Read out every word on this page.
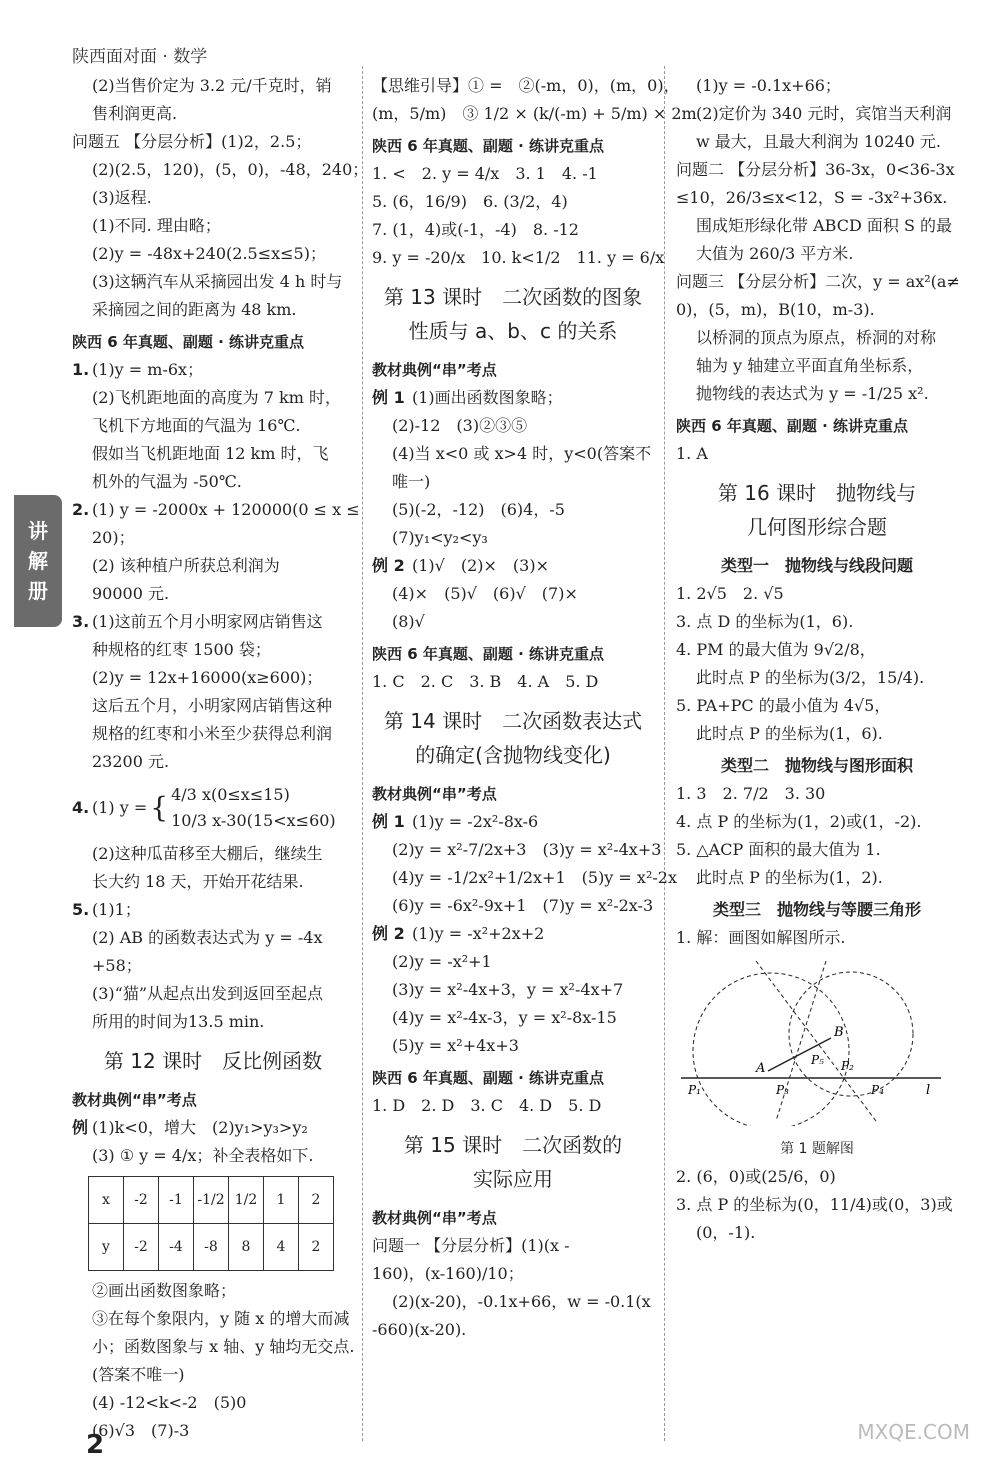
陕西面对面 · 数学
讲
解
册
(2)当售价定为 3.2 元/千克时，销
售利润更高.
问题五 【分层分析】(1)2，2.5；
(2)(2.5，120)，(5，0)，-48，240；
(3)返程.
(1)不同. 理由略；
(2)y = -48x+240(2.5≤x≤5)；
(3)这辆汽车从采摘园出发 4 h 时与
采摘园之间的距离为 48 km.
陕西 6 年真题、副题 · 练讲克重点
1. (1)y = m-6x；
(2)飞机距地面的高度为 7 km 时，
飞机下方地面的气温为 16℃.
假如当飞机距地面 12 km 时，飞
机外的气温为 -50℃.
2. (1) y = -2000x + 120000(0 ≤ x ≤
20)；
(2) 该种植户所获总利润为
90000 元.
3. (1)这前五个月小明家网店销售这
种规格的红枣 1500 袋；
(2)y = 12x+16000(x≥600)；
这后五个月，小明家网店销售这种
规格的红枣和小米至少获得总利润
23200 元.
4. (1) y = { 4/3 x(0≤x≤15)
10/3 x-30(15<x≤60)
(2)这种瓜苗移至大棚后，继续生
长大约 18 天，开始开花结果.
5. (1)1；
(2) AB 的函数表达式为 y = -4x
+58；
(3)“猫”从起点出发到返回至起点
所用的时间为13.5 min.
第 12 课时　反比例函数
教材典例“串”考点
例 (1)k<0，增大　(2)y₁>y₃>y₂
(3) ① y = 4/x；补全表格如下.
x	-2	-1	-1/2	1/2	1	2
y	-2	-4	-8	8	4	2
②画出函数图象略；
③在每个象限内，y 随 x 的增大而减
小；函数图象与 x 轴、y 轴均无交点.
(答案不唯一)
(4) -12<k<-2　(5)0
(6)√3　(7)-3
【思维引导】① =　②(-m，0)，(m，0)，
(m，5/m)　③ 1/2 × (k/(-m) + 5/m) × 2m
陕西 6 年真题、副题 · 练讲克重点
1. <　2. y = 4/x　3. 1　4. -1
5. (6，16/9)　6. (3/2，4)
7. (1，4)或(-1，-4)　8. -12
9. y = -20/x　10. k<1/2　11. y = 6/x
第 13 课时　二次函数的图象
性质与 a、b、c 的关系
教材典例“串”考点
例 1 (1)画出函数图象略；
(2)-12　(3)②③⑤
(4)当 x<0 或 x>4 时，y<0(答案不
唯一)
(5)(-2，-12)　(6)4，-5
(7)y₁<y₂<y₃
例 2 (1)√　(2)×　(3)×
(4)×　(5)√　(6)√　(7)×
(8)√
陕西 6 年真题、副题 · 练讲克重点
1. C　2. C　3. B　4. A　5. D
第 14 课时　二次函数表达式
的确定(含抛物线变化)
教材典例“串”考点
例 1 (1)y = -2x²-8x-6
(2)y = x²-7/2x+3　(3)y = x²-4x+3
(4)y = -1/2x²+1/2x+1　(5)y = x²-2x
(6)y = -6x²-9x+1　(7)y = x²-2x-3
例 2 (1)y = -x²+2x+2
(2)y = -x²+1
(3)y = x²-4x+3，y = x²-4x+7
(4)y = x²-4x-3，y = x²-8x-15
(5)y = x²+4x+3
陕西 6 年真题、副题 · 练讲克重点
1. D　2. D　3. C　4. D　5. D
第 15 课时　二次函数的
实际应用
教材典例“串”考点
问题一 【分层分析】(1)(x -
160)，(x-160)/10；
(2)(x-20)，-0.1x+66，w = -0.1(x
-660)(x-20).
(1)y = -0.1x+66；
(2)定价为 340 元时，宾馆当天利润
w 最大，且最大利润为 10240 元.
问题二 【分层分析】36-3x，0<36-3x
≤10，26/3≤x<12，S = -3x²+36x.
围成矩形绿化带 ABCD 面积 S 的最
大值为 260/3 平方米.
问题三 【分层分析】二次，y = ax²(a≠
0)，(5，m)，B(10，m-3).
以桥洞的顶点为原点，桥洞的对称
轴为 y 轴建立平面直角坐标系，
抛物线的表达式为 y = -1/25 x².
陕西 6 年真题、副题 · 练讲克重点
1. A
第 16 课时　抛物线与
几何图形综合题
类型一　抛物线与线段问题
1. 2√5　2. √5
3. 点 D 的坐标为(1，6).
4. PM 的最大值为 9√2/8，
此时点 P 的坐标为(3/2，15/4).
5. PA+PC 的最小值为 4√5，
此时点 P 的坐标为(1，6).
类型二　抛物线与图形面积
1. 3　2. 7/2　3. 30
4. 点 P 的坐标为(1，2)或(1，-2).
5. △ACP 面积的最大值为 1.
此时点 P 的坐标为(1，2).
类型三　抛物线与等腰三角形
1. 解：画图如解图所示.
B
A
P₅ P₂
P₁	P₃	P₄	l
第 1 题解图
2. (6，0)或(25/6，0)
3. 点 P 的坐标为(0，11/4)或(0，3)或
(0，-1).
2	MXQE.COM
